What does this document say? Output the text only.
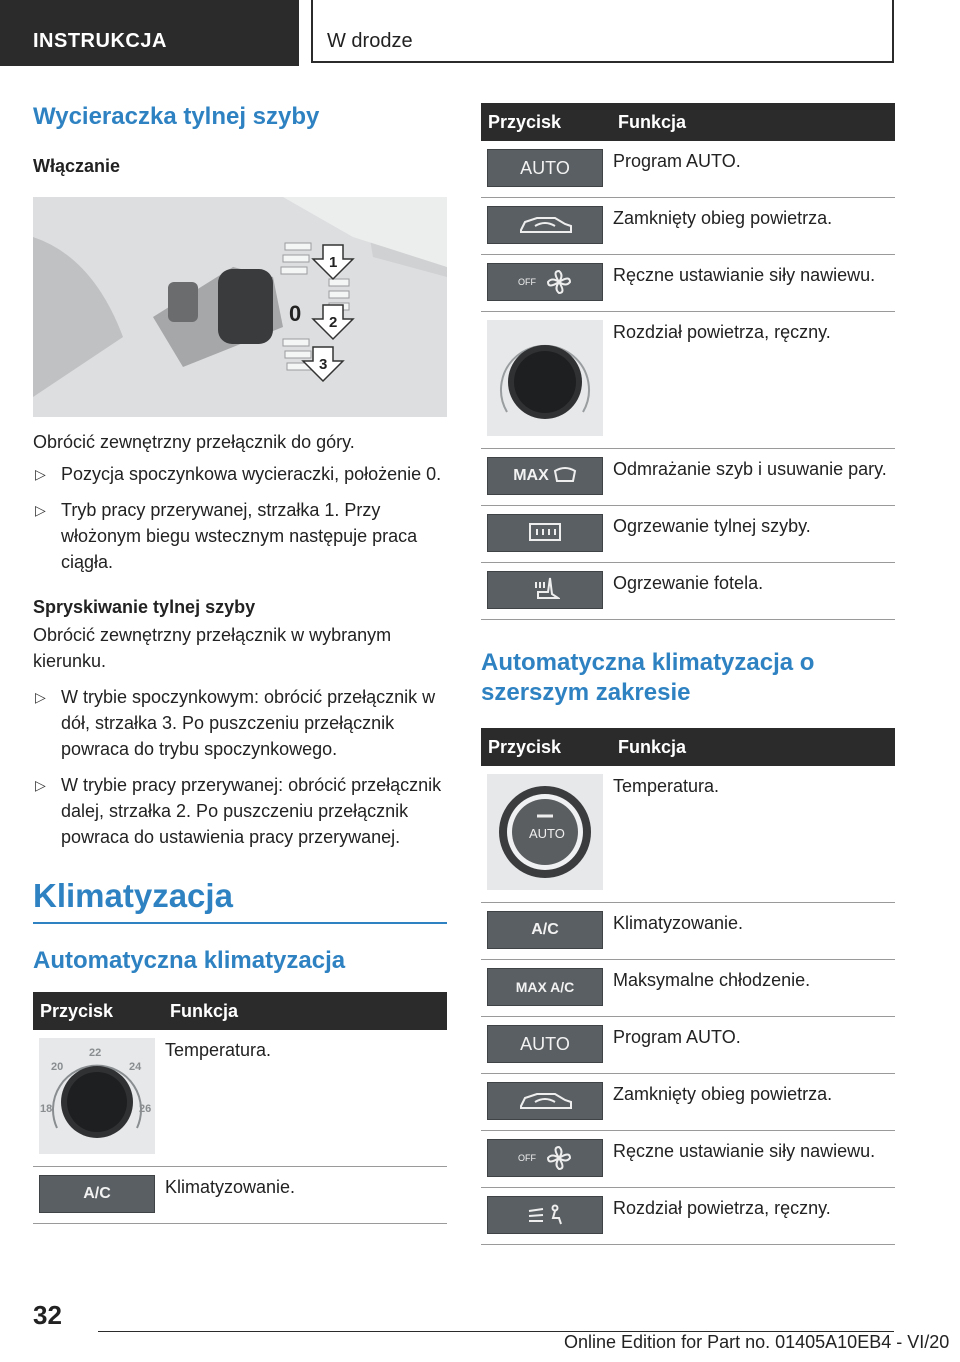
INSTRUKCJA	W drodze
Wycieraczka tylnej szyby
Włączanie
1
0 2
3

Obrócić zewnętrzny przełącznik do góry.

▷ Pozycja spoczynkowa wycieraczki, położenie 0.
▷ Tryb pracy przerywanej, strzałka 1. Przy włożonym biegu wstecznym następuje praca ciągła.
Spryskiwanie tylnej szyby

Obrócić zewnętrzny przełącznik w wybranym kierunku.

▷ W trybie spoczynkowym: obrócić przełącznik w dół, strzałka 3. Po puszczeniu przełącznik powraca do trybu spoczynkowego.
▷ W trybie pracy przerywanej: obrócić przełącznik dalej, strzałka 2. Po puszczeniu przełącznik powraca do ustawienia pracy przerywanej.
Klimatyzacja
Automatyczna klimatyzacja
Przycisk	Funkcja

22
20 24
18 26	Temperatura.

A/C	Klimatyzowanie.
Przycisk	Funkcja

AUTO	Program AUTO.

	Zamknięty obieg powietrza.

OFF	Ręczne ustawianie siły nawiewu.

	Rozdział powietrza, ręczny.

MAX	Odmrażanie szyb i usuwanie pary.

	Ogrzewanie tylnej szyby.

	Ogrzewanie fotela.
Automatyczna klimatyzacja o szerszym zakresie
Przycisk	Funkcja

AUTO	Temperatura.

A/C	Klimatyzowanie.

MAX A/C	Maksymalne chłodzenie.

AUTO	Program AUTO.

	Zamknięty obieg powietrza.

OFF	Ręczne ustawianie siły nawiewu.

	Rozdział powietrza, ręczny.
32
Online Edition for Part no. 01405A10EB4 - VI/20
